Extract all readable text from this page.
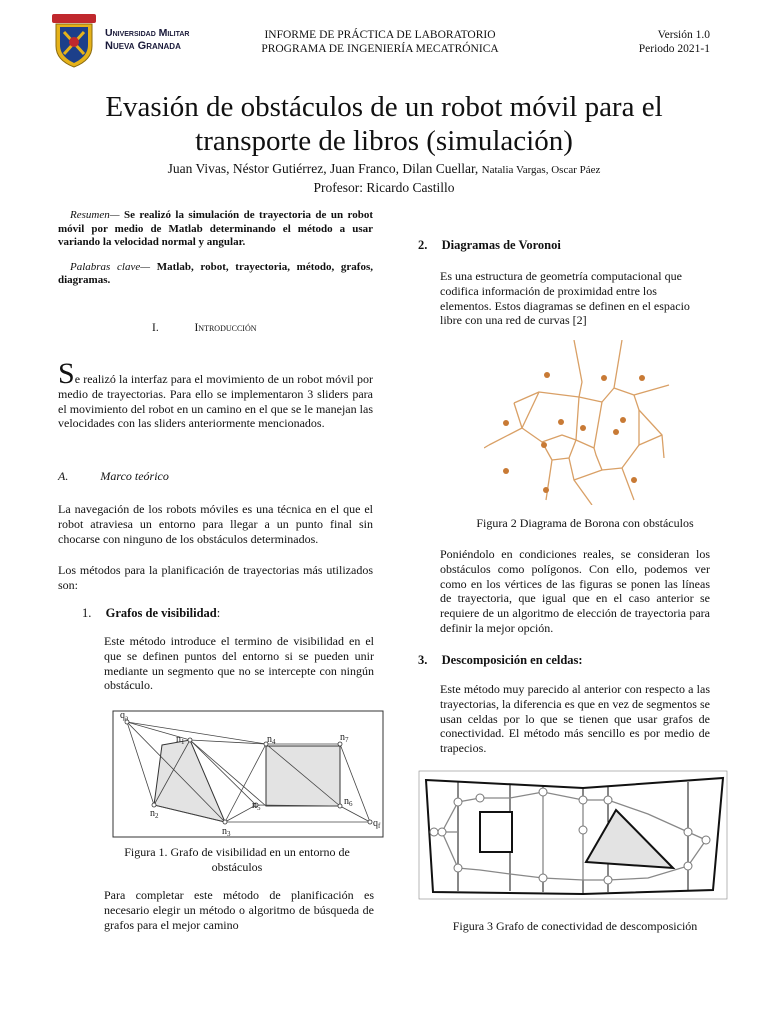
Universidad Militar
Nueva Granada
INFORME DE PRÁCTICA DE LABORATORIO
PROGRAMA DE INGENIERÍA MECATRÓNICA
Versión 1.0
Periodo 2021-1
Evasión de obstáculos de un robot móvil para el transporte de libros (simulación)
Juan Vivas, Néstor Gutiérrez, Juan Franco, Dilan Cuellar, Natalia Vargas, Oscar Páez
Profesor: Ricardo Castillo

Resumen— Se realizó la simulación de trayectoria de un robot móvil por medio de Matlab determinando el método a usar variando la velocidad normal y angular.

Palabras clave— Matlab, robot, trayectoria, método, grafos, diagramas.

I.	Introducción
Se realizó la interfaz para el movimiento de un robot móvil por medio de trayectorias. Para ello se implementaron 3 sliders para el movimiento del robot en un camino en el que se le manejan las velocidades con las sliders anteriormente mencionados.
A.	Marco teórico

La navegación de los robots móviles es una técnica en el que el robot atraviesa un entorno para llegar a un punto final sin chocarse con ninguno de los obstáculos determinados.

Los métodos para la planificación de trayectorias más utilizados son:

1. Grafos de visibilidad:

Este método introduce el termino de visibilidad en el que se definen puntos del entorno si se pueden unir mediante un segmento que no se intercepte con ningún obstáculo.

$q_a$
$n_1$
$n_2$
$n_3$
$n_4$
$n_5$
$n_6$
$n_7$
$q_f$
Figura 1. Grafo de visibilidad en un entorno de obstáculos

Para completar este método de planificación es necesario elegir un método o algoritmo de búsqueda de grafos para el mejor camino

2. Diagramas de Voronoi

Es una estructura de geometría computacional que codifica información de proximidad entre los elementos. Estos diagramas se definen en el espacio libre con una red de curvas [2]

Figura 2 Diagrama de Borona con obstáculos

Poniéndolo en condiciones reales, se consideran los obstáculos como polígonos. Con ello, podemos ver como en los vértices de las figuras se ponen las líneas de trayectoria, que igual que en el caso anterior se requiere de un algoritmo de elección de trayectoria para definir la mejor opción.

3. Descomposición en celdas:

Este método muy parecido al anterior con respecto a las trayectorias, la diferencia es que en vez de segmentos se usan celdas por lo que se tienen que usar grafos de conectividad. El método más sencillo es por medio de trapecios.

Figura 3 Grafo de conectividad de descomposición
